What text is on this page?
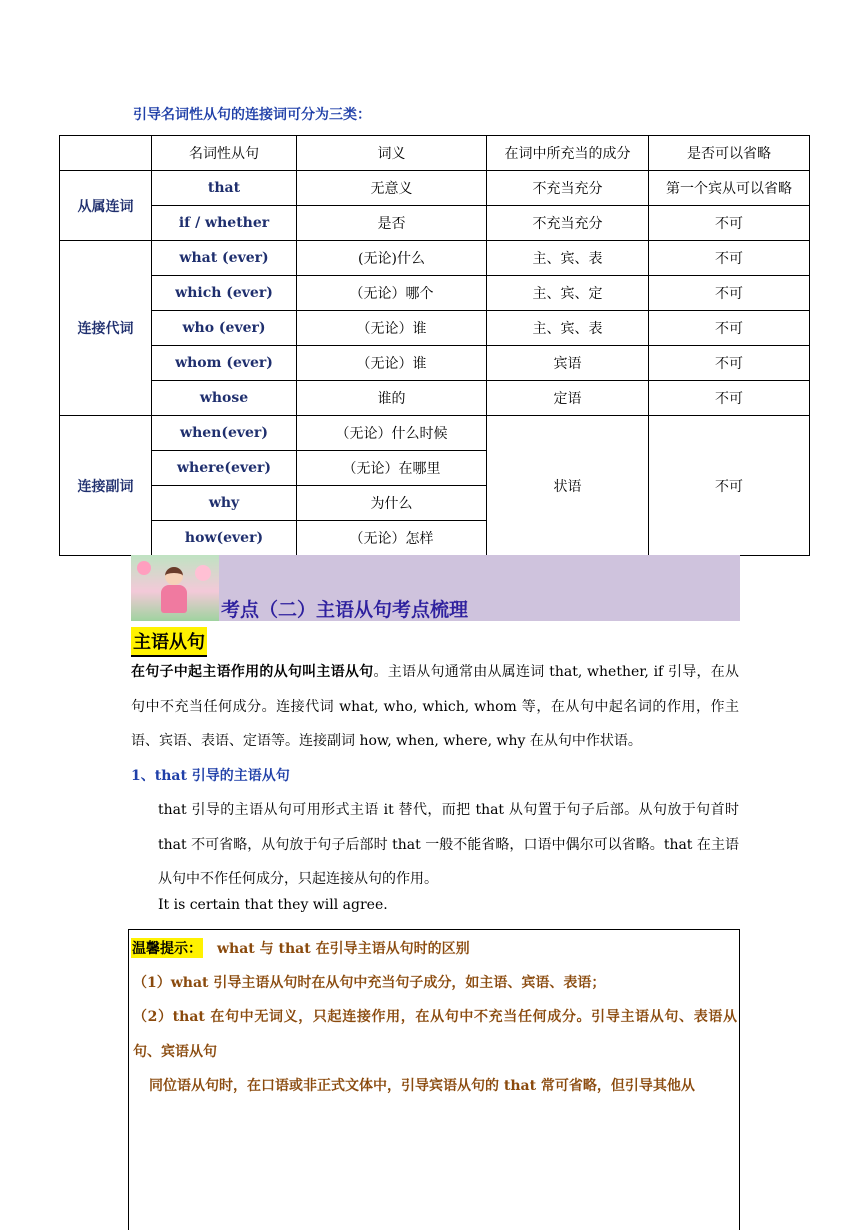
引导名词性从句的连接词可分为三类：
	名词性从句	词义	在词中所充当的成分	是否可以省略
从属连词	that	无意义	不充当充分	第一个宾从可以省略
	if / whether	是否	不充当充分	不可
连接代词	what (ever)	(无论)什么	主、宾、表	不可
	which (ever)	（无论）哪个	主、宾、定	不可
	who (ever)	（无论）谁	主、宾、表	不可
	whom (ever)	（无论）谁	宾语	不可
	whose	谁的	定语	不可
连接副词	when(ever)	（无论）什么时候	状语	不可
	where(ever)	（无论）在哪里		
	why	为什么		
	how(ever)	（无论）怎样		
考点（二）主语从句考点梳理
主语从句
在句子中起主语作用的从句叫主语从句。主语从句通常由从属连词 that, whether, if 引导，在从句中不充当任何成分。连接代词 what, who, which, whom 等，在从句中起名词的作用，作主语、宾语、表语、定语等。连接副词 how, when, where, why 在从句中作状语。
1、that 引导的主语从句
that 引导的主语从句可用形式主语 it 替代，而把 that 从句置于句子后部。从句放于句首时 that 不可省略，从句放于句子后部时 that 一般不能省略，口语中偶尔可以省略。that 在主语从句中不作任何成分，只起连接从句的作用。
It is certain that they will agree.
温馨提示： what 与 that 在引导主语从句时的区别
（1）what 引导主语从句时在从句中充当句子成分，如主语、宾语、表语；
（2）that 在句中无词义，只起连接作用，在从句中不充当任何成分。引导主语从句、表语从句、宾语从句
同位语从句时，在口语或非正式文体中，引导宾语从句的 that 常可省略，但引导其他从
